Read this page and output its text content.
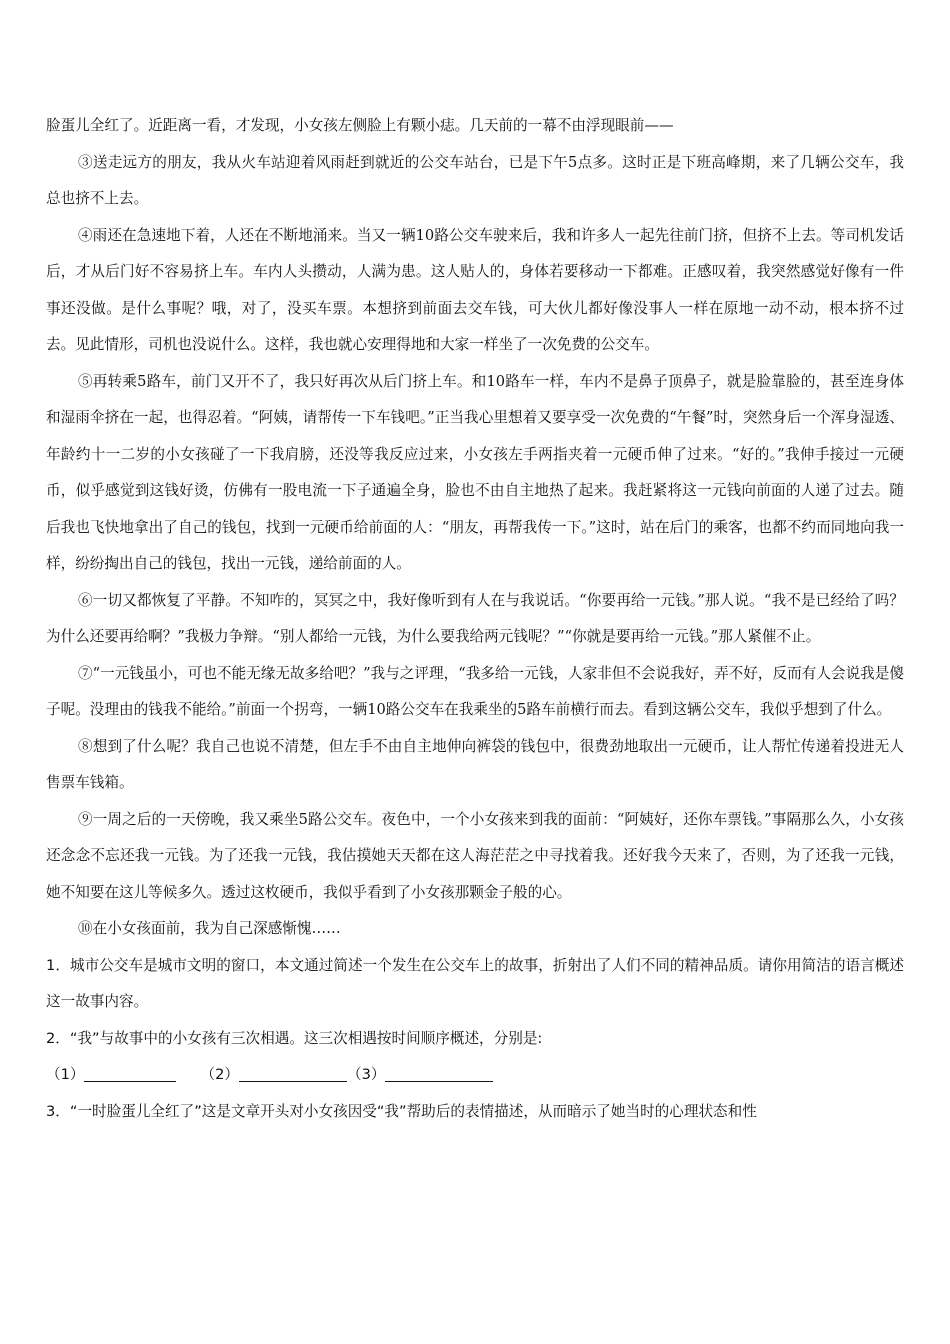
脸蛋儿全红了。近距离一看，才发现，小女孩左侧脸上有颗小痣。几天前的一幕不由浮现眼前——

③送走远方的朋友，我从火车站迎着风雨赶到就近的公交车站台，已是下午5点多。这时正是下班高峰期，来了几辆公交车，我总也挤不上去。

④雨还在急速地下着，人还在不断地涌来。当又一辆10路公交车驶来后，我和许多人一起先往前门挤，但挤不上去。等司机发话后，才从后门好不容易挤上车。车内人头攒动，人满为患。这人贴人的，身体若要移动一下都难。正感叹着，我突然感觉好像有一件事还没做。是什么事呢？哦，对了，没买车票。本想挤到前面去交车钱，可大伙儿都好像没事人一样在原地一动不动，根本挤不过去。见此情形，司机也没说什么。这样，我也就心安理得地和大家一样坐了一次免费的公交车。

⑤再转乘5路车，前门又开不了，我只好再次从后门挤上车。和10路车一样，车内不是鼻子顶鼻子，就是脸靠脸的，甚至连身体和湿雨伞挤在一起，也得忍着。“阿姨，请帮传一下车钱吧。”正当我心里想着又要享受一次免费的“午餐”时，突然身后一个浑身湿透、年龄约十一二岁的小女孩碰了一下我肩膀，还没等我反应过来，小女孩左手两指夹着一元硬币伸了过来。“好的。”我伸手接过一元硬币，似乎感觉到这钱好烫，仿佛有一股电流一下子通遍全身，脸也不由自主地热了起来。我赶紧将这一元钱向前面的人递了过去。随后我也飞快地拿出了自己的钱包，找到一元硬币给前面的人：“朋友，再帮我传一下。”这时，站在后门的乘客，也都不约而同地向我一样，纷纷掏出自己的钱包，找出一元钱，递给前面的人。

⑥一切又都恢复了平静。不知咋的，冥冥之中，我好像听到有人在与我说话。“你要再给一元钱。”那人说。“我不是已经给了吗？为什么还要再给啊？”我极力争辩。“别人都给一元钱，为什么要我给两元钱呢？”“你就是要再给一元钱。”那人紧催不止。

⑦“一元钱虽小，可也不能无缘无故多给吧？”我与之评理，“我多给一元钱，人家非但不会说我好，弄不好，反而有人会说我是傻子呢。没理由的钱我不能给。”前面一个拐弯，一辆10路公交车在我乘坐的5路车前横行而去。看到这辆公交车，我似乎想到了什么。

⑧想到了什么呢？我自己也说不清楚，但左手不由自主地伸向裤袋的钱包中，很费劲地取出一元硬币，让人帮忙传递着投进无人售票车钱箱。

⑨一周之后的一天傍晚，我又乘坐5路公交车。夜色中，一个小女孩来到我的面前：“阿姨好，还你车票钱。”事隔那么久，小女孩还念念不忘还我一元钱。为了还我一元钱，我估摸她天天都在这人海茫茫之中寻找着我。还好我今天来了，否则，为了还我一元钱，她不知要在这儿等候多久。透过这枚硬币，我似乎看到了小女孩那颗金子般的心。

⑩在小女孩面前，我为自己深感惭愧……

1．城市公交车是城市文明的窗口，本文通过简述一个发生在公交车上的故事，折射出了人们不同的精神品质。请你用简洁的语言概述这一故事内容。

2．“我”与故事中的小女孩有三次相遇。这三次相遇按时间顺序概述，分别是:

（1）	（2）	（3）

3．“一时脸蛋儿全红了”这是文章开头对小女孩因受“我”帮助后的表情描述，从而暗示了她当时的心理状态和性
